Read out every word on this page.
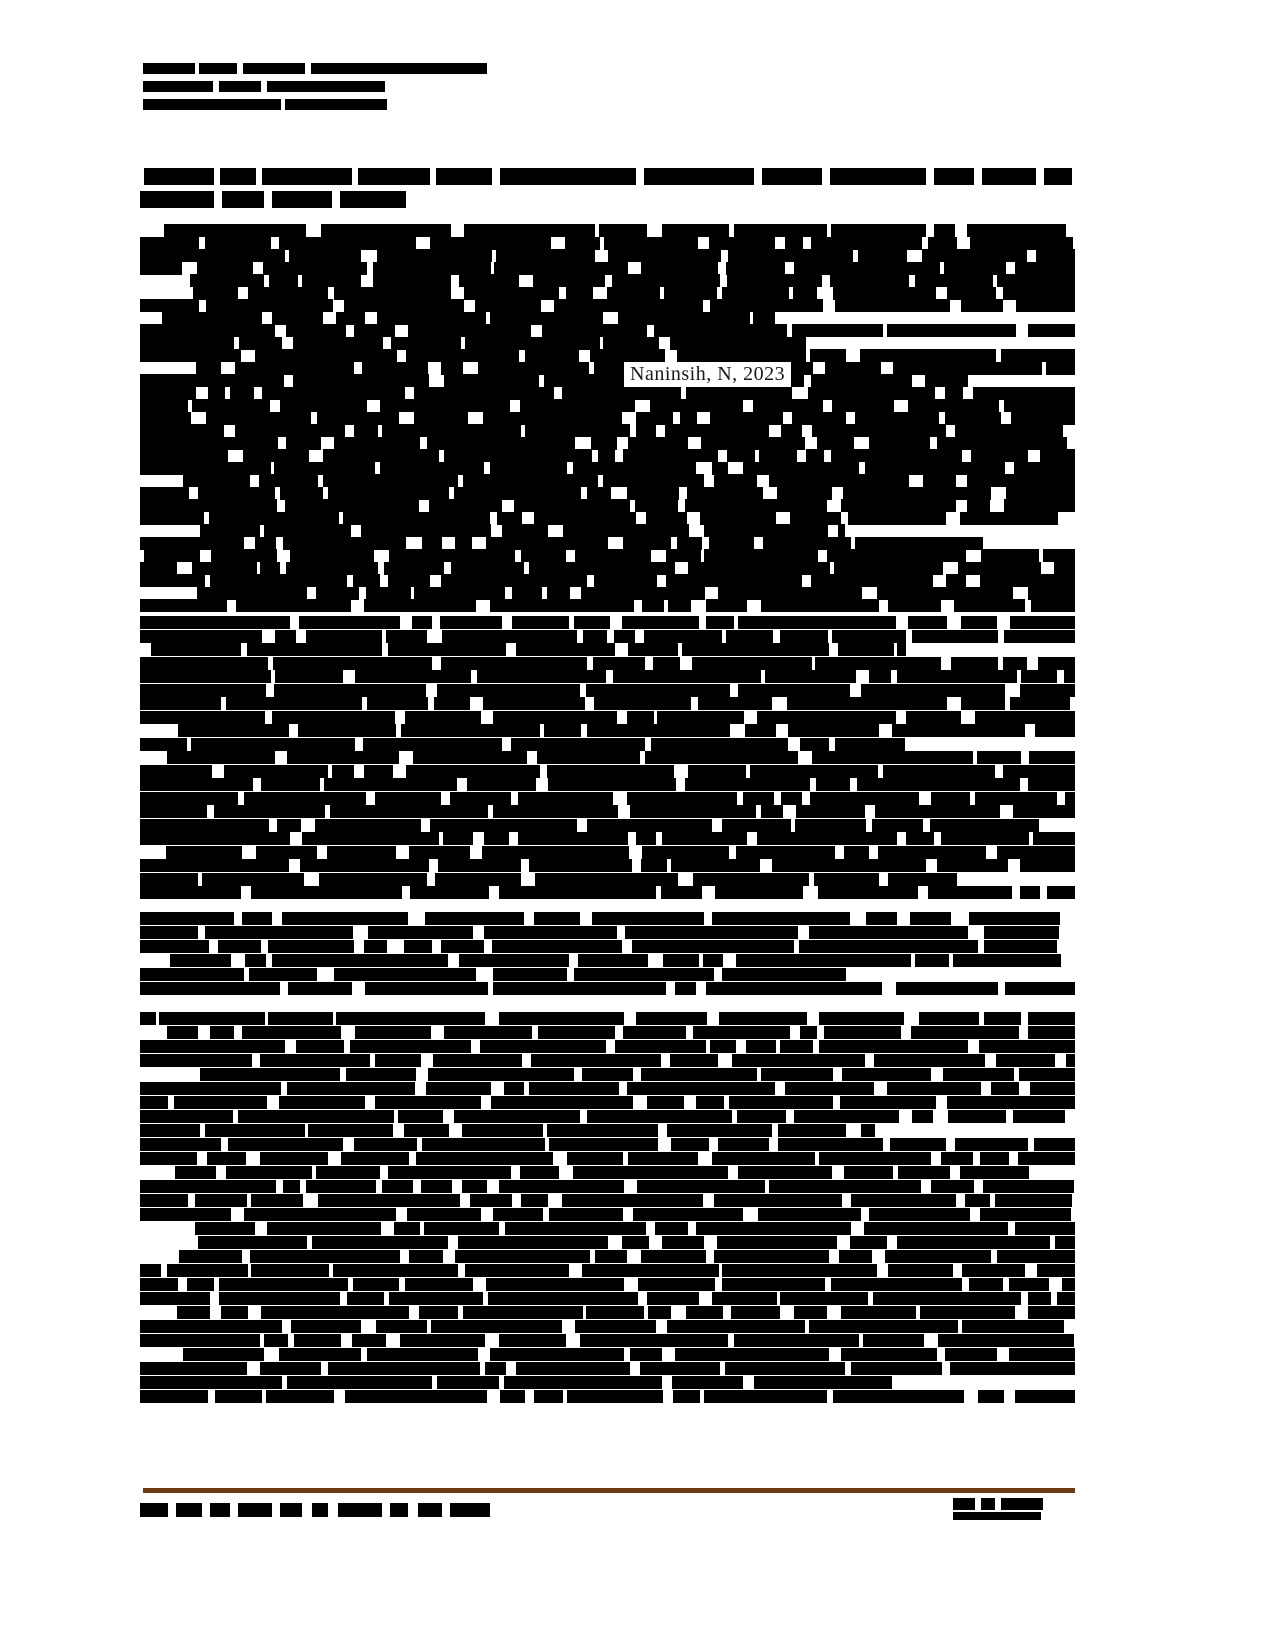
Naninsih, N, 2023
